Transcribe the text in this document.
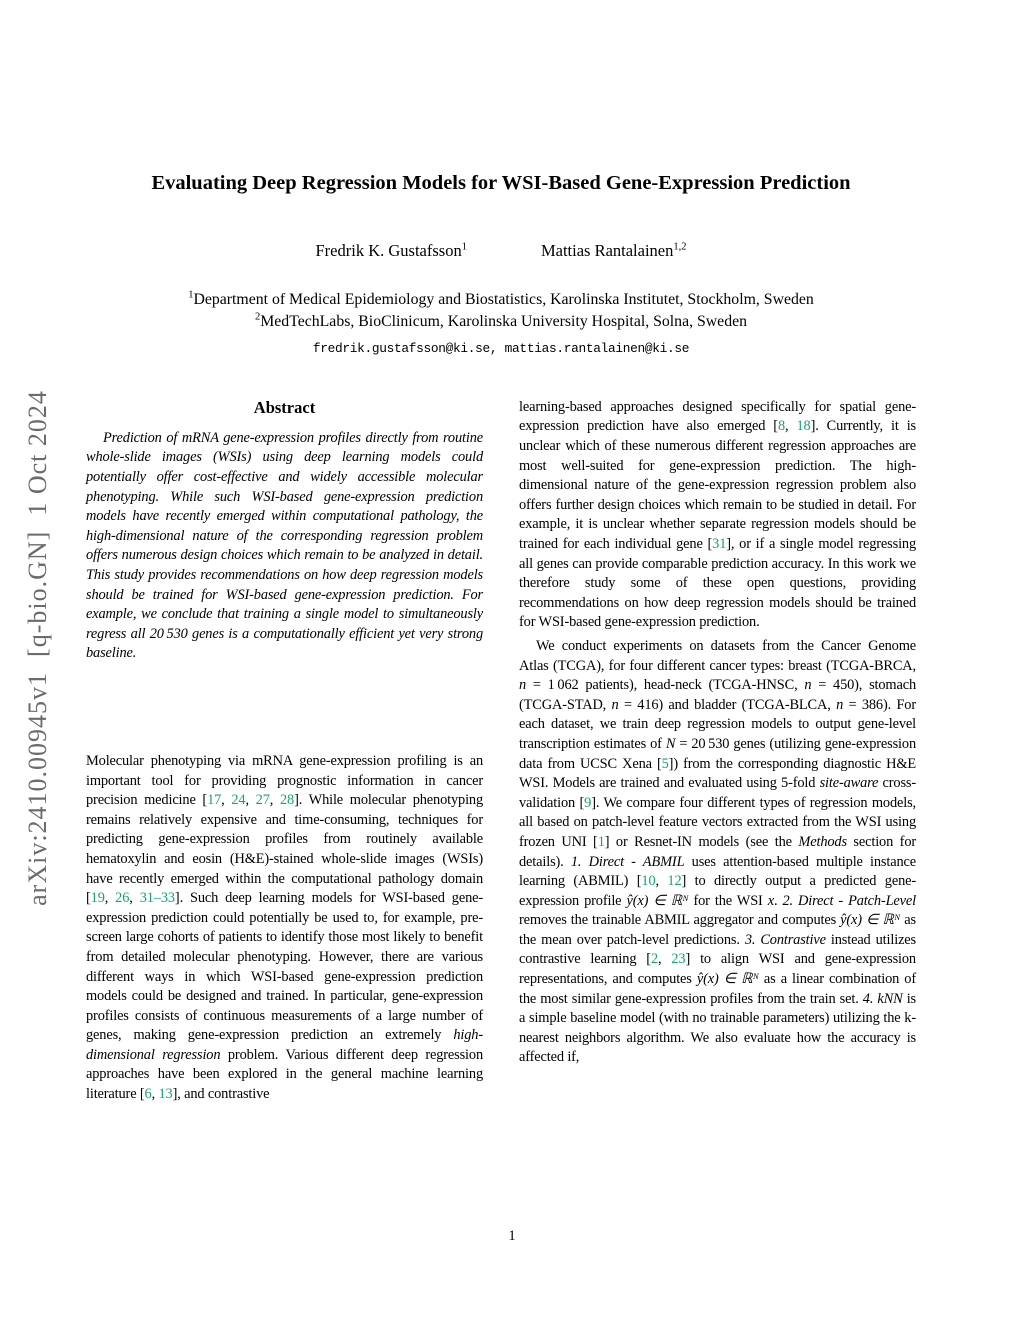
arXiv:2410.00945v1  [q-bio.GN]  1 Oct 2024
Evaluating Deep Regression Models for WSI-Based Gene-Expression Prediction
Fredrik K. Gustafsson$^1$	Mattias Rantalainen$^{1,2}$
$^1$Department of Medical Epidemiology and Biostatistics, Karolinska Institutet, Stockholm, Sweden
$^2$MedTechLabs, BioClinicum, Karolinska University Hospital, Solna, Sweden
fredrik.gustafsson@ki.se, mattias.rantalainen@ki.se
Abstract

Prediction of mRNA gene-expression profiles directly from routine whole-slide images (WSIs) using deep learning models could potentially offer cost-effective and widely accessible molecular phenotyping. While such WSI-based gene-expression prediction models have recently emerged within computational pathology, the high-dimensional nature of the corresponding regression problem offers numerous design choices which remain to be analyzed in detail. This study provides recommendations on how deep regression models should be trained for WSI-based gene-expression prediction. For example, we conclude that training a single model to simultaneously regress all 20 530 genes is a computationally efficient yet very strong baseline.

Molecular phenotyping via mRNA gene-expression profiling is an important tool for providing prognostic information in cancer precision medicine [17, 24, 27, 28]. While molecular phenotyping remains relatively expensive and time-consuming, techniques for predicting gene-expression profiles from routinely available hematoxylin and eosin (H&E)-stained whole-slide images (WSIs) have recently emerged within the computational pathology domain [19, 26, 31–33]. Such deep learning models for WSI-based gene-expression prediction could potentially be used to, for example, pre-screen large cohorts of patients to identify those most likely to benefit from detailed molecular phenotyping. However, there are various different ways in which WSI-based gene-expression prediction models could be designed and trained. In particular, gene-expression profiles consists of continuous measurements of a large number of genes, making gene-expression prediction an extremely high-dimensional regression problem. Various different deep regression approaches have been explored in the general machine learning literature [6, 13], and contrastive

learning-based approaches designed specifically for spatial gene-expression prediction have also emerged [8, 18]. Currently, it is unclear which of these numerous different regression approaches are most well-suited for gene-expression prediction. The high-dimensional nature of the gene-expression regression problem also offers further design choices which remain to be studied in detail. For example, it is unclear whether separate regression models should be trained for each individual gene [31], or if a single model regressing all genes can provide comparable prediction accuracy. In this work we therefore study some of these open questions, providing recommendations on how deep regression models should be trained for WSI-based gene-expression prediction.

We conduct experiments on datasets from the Cancer Genome Atlas (TCGA), for four different cancer types: breast (TCGA-BRCA, n = 1 062 patients), head-neck (TCGA-HNSC, n = 450), stomach (TCGA-STAD, n = 416) and bladder (TCGA-BLCA, n = 386). For each dataset, we train deep regression models to output gene-level transcription estimates of N = 20 530 genes (utilizing gene-expression data from UCSC Xena [5]) from the corresponding diagnostic H&E WSI. Models are trained and evaluated using 5-fold site-aware cross-validation [9]. We compare four different types of regression models, all based on patch-level feature vectors extracted from the WSI using frozen UNI [1] or Resnet-IN models (see the Methods section for details). 1. Direct - ABMIL uses attention-based multiple instance learning (ABMIL) [10, 12] to directly output a predicted gene-expression profile ŷ(x) ∈ ℝᴺ for the WSI x. 2. Direct - Patch-Level removes the trainable ABMIL aggregator and computes ŷ(x) ∈ ℝᴺ as the mean over patch-level predictions. 3. Contrastive instead utilizes contrastive learning [2, 23] to align WSI and gene-expression representations, and computes ŷ(x) ∈ ℝᴺ as a linear combination of the most similar gene-expression profiles from the train set. 4. kNN is a simple baseline model (with no trainable parameters) utilizing the k-nearest neighbors algorithm. We also evaluate how the accuracy is affected if,

1
